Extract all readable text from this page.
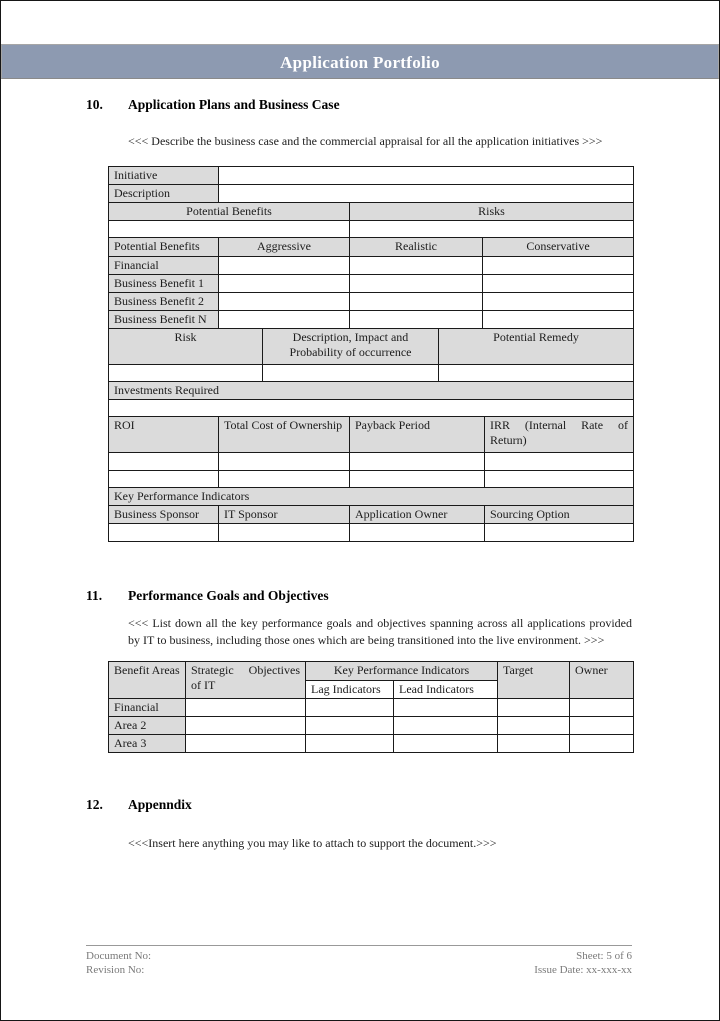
Application Portfolio
10.	Application Plans and Business Case

<<< Describe the business case and the commercial appraisal for all the application initiatives >>>

Initiative			
Description			
Potential Benefits		Risks	

Potential Benefits	Aggressive	Realistic	Conservative
Financial			
Business Benefit 1			
Business Benefit 2			
Business Benefit N			
Risk	Description, Impact and Probability of occurrence	Potential Remedy

Investments Required		

ROI	Total Cost of Ownership	Payback Period	IRR (Internal Rate of Return)

Key Performance Indicators			
Business Sponsor	IT Sponsor	Application Owner	Sourcing Option

11.	Performance Goals and Objectives

<<< List down all the key performance goals and objectives spanning across all applications provided by IT to business, including those ones which are being transitioned into the live environment. >>>

Benefit Areas	Strategic Objectives of IT	Key Performance Indicators		Target	Owner
		Lag Indicators	Lead Indicators		
Financial					
Area 2					
Area 3					
12.	Appenndix

<<<Insert here anything you may like to attach to support the document.>>>

Document No:
Revision No:
Sheet: 5 of 6
Issue Date: xx-xxx-xx
